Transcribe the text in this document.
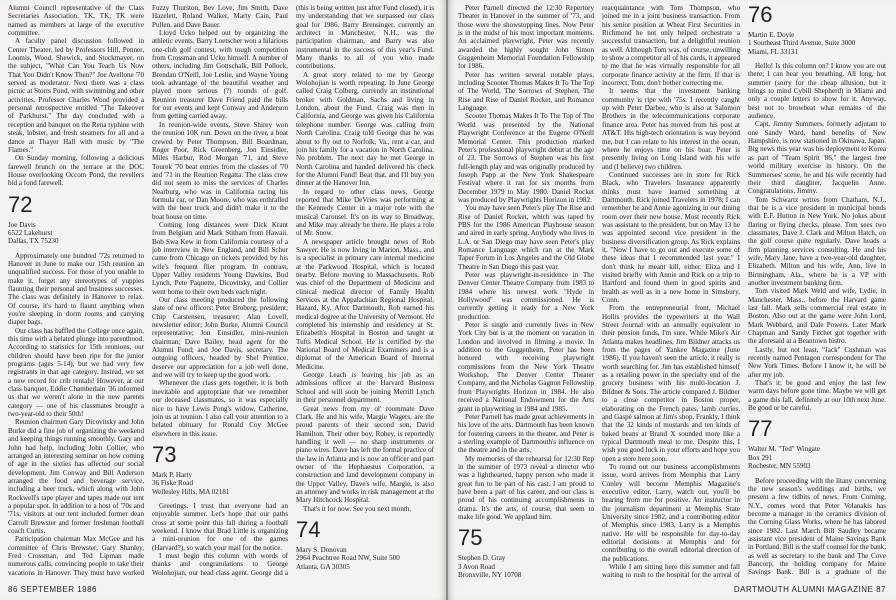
Alumni Council representative of the Class Secretaries Association. TK, TK, TK were named as members at large of the executive committee.

A faculty panel discussion followed in Center Theater, led by Professors Hill, Penner, Loomis, Wood, Shewick, and Stockmayer, on the subject, "What Can You Teach Us Now That You Didn't Know Then?" Joe Avellone '70 served as moderator. Next there was a class picnic at Storrs Pond, with swimming and other activities. Professor Charles Wood provided a personal retrospective entitled "The Takeover of Parkhurst." The day concluded with a reception and banquet on the Rena typhine with steak, lobster, and fresh steamers for all and a dance at Thayer Hall with music by "The Flames."

On Sunday morning, following a delicious farewell brunch on the terrace at the DOC House overlooking Occom Pond, the revellers bid a fond farewell.

72
Joe Davis
6522 Lakehurst
Dallas, TX 75230

Approximately one hundred '72s returned to Hanover in June to make our 15th reunion an unqualified success. For those of you unable to make it, forget any stereotypes of yuppies flaunting their personal and business successes. The class was definitely in Hanover to relax. Of course, it's hard to flaunt anything when you're sleeping in dorm rooms and carrying diaper bags.

Our class has baffled the College once again, this time with a belated plunge into parenthood. According to statistics for 15th reunions, our children should have been ripe for the junior programs (ages 5-14), but we had very few registrants in that age category. Instead, we set a new record for crib rentals! However, at our class banquet, Eddie Chamberlain '36 informed us that we weren't alone in the new parents category — one of his classmates brought a two-year-old to their 50th!

Reunion chairmen Gary Dicovitsky and John Burke did a fine job of organizing the weekend and keeping things running smoothly. Gary and John had help, including John Collier, who arranged an interesting seminar on how coming of age in the sixties has affected our social development. Jim Conway and Bill Anderson arranged the food and beverage service, including a beer truck, which along with John Rockwell's tape player and tapes made our tent a popular spot. In addition to a host of '70s and '71s, visitors at our tent included former dean Carroll Brewster and former freshman football coach Curtis.

Participation chairman Max McGee and his committee of Chris Brewster, Gary Shanley, Fred Crossman, and Ted Lipman made numerous calls, convincing people to take their vacations in Hanover. They must have worked

Fuzzy Thurston, Bev Love, Jim Smith, Dave Hazelett, Roland Walker, Marty Cain, Paul Pullen, and Dave Bauer.

Lloyd Ucko helped out by organizing the athletic events. Barry Loetscher won a hilarious one-club golf contest, with tough competition from Crossman and Ucko himself. A number of others, including Jim Gottschalk, Bill Pollock, Brendan O'Neill, Joe Leslie, and Wayne Young took advantage of the beautiful weather and played more serious (?) rounds of golf. Reunion treasurer Dave Friend paid the bills for our events and kept Conway and Anderson from getting carried away.

In reunion-wide events, Steve Shirey won the reunion 10K run. Down on the river, a boat crewed by Peter Thompson, Bill Boardman, Roger Poor, Rick Greenberg, Jon Einsidler, Miles Harbur, Rod Morgan '71, and Steve Tourek '70 beat entries from the classes of '70 and '71 in the Reunion Regatta. The class crew did not seem to miss the services of Charles Nearburg, who was in California racing his formula car, or Dan Moore, who was enthralled with the beer truck and didn't make it to the boat house on time.

Coming long distances were Dick Krant from Belgium and Mark Stitham from Hawaii. Bob Swa Kew in from California courtesy of a job interview in New England, and Bill Schur came from Chicago on tickets provided by his wife's frequent flier program. In contrast, Upper Valley residents Young Dawkins, Bud Lynch, Pete Paquette, Dicovitsky, and Collier went home to their own beds each night.

Our class meeting produced the following slate of new officers: Peter Broberg, president; Chip Carstensen, treasurer; Alan Lovell, newsletter editor; John Burke, Alumni Council representative; Jon Einsidler, mini-reunion chairman; Dave Bailey, head agent for the Alumni Fund; and Joe Davis, secretary. The outgoing officers, headed by Shel Prentice, deserve our appreciation for a job well done, and we will try to keep up the good work.

Whenever the class gets together, it is both inevitable and appropriate that we remember our deceased classmates, so it was especially nice to have Lewis Pong's widow, Catherine, join us at reunion. I also call your attention to a belated obituary for Ronald Coy McGee elsewhere in this issue.

73
Mark P. Harty
36 Fiske Road
Wellesley Hills, MA 02181

Greetings. I trust that everyone had an enjoyable summer. Let's hope that our paths cross at some point this fall during a football weekend. I know that Brad Little is organizing a mini-reunion for one of the games (Harvard?), so watch your mail for the notice.

I must begin this column with words of thanks and congratulations to George Wolohojian, our head class agent. George did a

(this is being written just after Fund closed), it is my understanding that we surpassed our class goal for 1986. Barry Brensinger, currently an architect in Manchester, N.H., was the participation chairman, and Barry was also instrumental in the success of this year's Fund. Many thanks to all of you who made contributions.

A great story related to me by George Wolohojian is worth repeating. In June George called Craig Colberg, currently an institutional broker with Goldman, Sachs and living in London, about the Fund. Craig was then in California, and George was given his California telephone number. George was calling from North Carolina. Craig told George that he was about to fly out to Norfolk, Va., rent a car, and join his family for a vacation in North Carolina. No problem. The next day he met George in North Carolina and handed delivered his check for the Alumni Fund! Beat that, and I'll buy you dinner at the Hanover Inn.

In regard to other class news, George reported that Mike DeVries was performing at the Kennedy Center in a major role with the musical Carousel. It's on its way to Broadway, and Mike may already be there. He plays a role of Mr. Snow.

A newspaper article brought news of Rob Sawyer. He is now living in Marion, Mass., and is a specialist in primary care internal medicine at the Parkwood Hospital, which is located nearby. Before moving to Massachusetts, Rob was chief of the Department of Medicine and clinical medical director of Family Health Services at the Appalachian Regional Hospital, Hazard, Ky. After Dartmouth, Rob earned his medical degree at the University of Vermont. He completed his internship and residency at St. Elizabeth's Hospital in Boston and taught at Tufts Medical School. He is certified by the National Board of Medical Examiners and is a diplomat of the American Board of Internal Medicine.

George Leach is leaving his job as an admissions officer at the Harvard Business School and will soon be joining Merrill Lynch in their personnel department.

Great news from my ol' roommate Dave Clark. He and his wife, Margie Wagers, are the proud parents of their second son, David Hamilton. Their other boy, Robey, is reportedly handling it well — no sharp instruments or piano wires. Dave has left the formal practice of the law in Atlanta and is now an officer and part owner of the Hephaestus Corporation, a construction and land development company in the Upper Valley. Dave's wife, Margie, is also an attorney and works in risk management at the Mary Hitchcock Hospital.

That's it for now. See you next month.

74
Mary S. Donovan
2964 Peachtree Road NW, Suite 500
Atlanta, GA 30305

86 SEPTEMBER 1986

Peter Parnell directed the 12:30 Repertory Theater in Hanover in the summer of '73, and those were the showstopping lines. Now Peter is in the midst of his most important moments. An acclaimed playwright, Peter was recently awarded the highly sought John Simon Guggenheim Memorial Foundation Fellowship for 1986.

Peter has written several notable plays, including Scooter Thomas Makes It To The Top of The World, The Sorrows of Stephen, The Rise and Rise of Daniel Rocket, and Romance Language.

Scooter Thomas Makes It To The Top of The World was presented by the National Playwright Conference at the Eugene O'Neill Memorial Center. This production marked Peter's professional playwright debut at the age of 23. The Sorrows of Stephen was his first full-length play and was originally produced by Joseph Papp at the New York Shakespeare Festival where it ran for six months from December 1979 to May 1980. Daniel Rocket was produced by Playwrights Horizon in 1982.

You may have seen Peter's play The Rise and Rise of Daniel Rocket, which was taped by PBS for the 1986 American Playhouse season and aired in early spring. Anybody who lives in L.A. or San Diego may have seen Peter's play Romance Language which ran at the Mark Taper Forum in Los Angeles and the Old Globe Theatre in San Diego this past year.

Peter was playwright-in-residence in The Denver Center Theatre Company from 1983 to 1984 where his newest work "Hyde in Hollywood" was commissioned. He is currently getting it ready for a New York production.

Peter is single and currently lives in New York City but is at the moment on vacation in London and involved in filming a movie. In addition to the Guggenheim, Peter has been honored with receiving playwright commissions from the New York Theatre Workshop, The Denver Center Theater Company, and the Nicholas Gagnon Fellowship from Playwrights Horizon in 1984. He also received a National Endowment for the Arts grant in playwriting in 1984 and 1985.

Peter Parnell has made great achievements in his love of the arts. Dartmouth has been known for fostering careers in the theater, and Peter is a sterling example of Dartmouth's influence on the theatre and in the arts.

My memories of the rehearsal for 12:30 Rep in the summer of 1973 reveal a director who was a lighthearted, happy person who made it great fun to be part of his cast. I am proud to have been a part of his career, and our class is proud of his continuing accomplishments in drama. It's the arts, of course, that seem to make life good. We applaud him.

75
Stephen D. Gray
3 Avon Road
Bronxville, NY 10708

reacquaintance with Tom Thompson, who joined me in a joint business transaction. From his senior position at Wheat First Securities in Richmond he not only helped orchestrate a successful transaction, but a delightful reunion as well. Although Tom was, of course, unwilling to show a competitor all of his cards, it appeared to me that he was virtually responsible for all corporate finance activity at the firm. If that is incorrect, Tom, don't bother correcting me.

It seems that the investment banking community is ripe with '75s. I recently caught up with Peter Darbee, who is also at Salomon Brothers in the telecommunications corporate finance area. Peter has moved from his post at AT&T. His high-tech orientation is way beyond me, but I can relate to his interest in the ocean, where he enjoys time on his boat. Peter is presently living on Long Island with his wife and (I believe) two children.

Continued successes are in store for Rick Black, who Travelers Insurance apparently thinks must have learned something at Dartmouth. Rick joined Travelers in 1978; I can remember he and Annie agonizing in our dining room over their new house. Most recently Rick was assistant to the president, but on May 13 he was appointed second vice president in the business diversification group. As Rick explains it, "Now I have to go out and execute some of these ideas that I recommended last year." I don't think he meant kill, either. Eliza and I visited briefly with Annie and Rick on a trip to Hartford and found them in good spirits and health as well as in a new home in Simsbury, Conn.

From the entrepreneurial front, Michael Hollis provides the typewriters at the Wall Street Journal with an annually equivalent to their pension funds, I'm sure. While Mike's Air Atlanta makes headlines, Jim Bildner attacks us from the pages of Yankee Magazine (June 1986). If you haven't seen the article, it really is worth searching for. Jim has established himself as a retailing power in the specialty end of the grocery business with his multi-location J. Bildner & Sons. The article compared J. Bildner to a close competitor in Boston proper, elaborating on the French pates, lamb curries, and Gaspé salmon at Jim's shop. Frankly, I think that the 32 kinds of mustards and ten kinds of baked beans at Brand X sounded more like a typical Dartmouth meal to me. Despite this, I wish you good luck in your efforts and hope you open a store here soon.

To round out our business accomplishments issue, word arrives from Memphis that Larry Conley will become Memphis Magazine's executive editor. Larry, watch out, you'll be hearing from me for positive. An instructor in the journalism department at Memphis State University since 1982, and a contributing editor of Memphis since 1983, Larry is a Memphis native. He will be responsible for day-to-day editorial decisions at Memphis and for contributing to the overall editorial direction of the publications.

While I am sitting here this summer and fall waiting to rush to the hospital for the arrival of

76
Martin E. Doyle
1 Southeast Third Avenue, Suite 3000
Miami, FL 33131

Hello! Is this column on? I know you are out there; I can hear you breathing. All long, hot summer (sorry for the cheap allusion, but it brings to mind Cybill Shepherd) in Miami and only a couple letters to show for it. Anyway, best not to browbeat what remains of the audience.

Capt. Jimmy Summers, formerly adjutant to one Sandy Ward, hand benefits of New Hampshire, is now stationed in Okinawa, Japan. Big news this year was his deployment to Korea as part of "Team Spirit '86," the largest free world military exercise in history. On the Summerses' scene, he and his wife recently had their third daughter, Jacquelin Anne. Congratulations, Jimmy.

Tom Schwartz writes from Chatham, N.J., that he is a vice president in municipal bonds with E.F. Hutton in New York. No jokes about flaring or flying checks, please. Tom sees two classmates, Dave J. Clark and Milton Hatch, on the golf course quite regularly. Dave heads a firm planning services consulting. He and his wife, Mary Jane, have a two-year-old daughter, Elizabeth. Milton and his wife, Ann, live in Birmingham, Ala., where he is a VP with another investment banking firm.

Tom visited Mark Weld and wife, Lydie, in Manchester, Mass., before the Harvard game last fall. Mark sells commercial real estate in Boston. Also out at the game were John Lord, Mark Webbard, and Dale Powers. Later Mark Chapman and Sandy Fitchet got together with the aforesaid at a Beantown bistro.

Lastly, but not least, "Jack" Cushman was recently named Pentagon correspondent for The New York Times. Before I know it, he will be after my job.

That's it; be good and enjoy the last few warm days before gone time. Maybe we will get a game this fall, definitely at our 10th next June. Be good or be careful.

77
Walter M. "Ted" Wingate
Box 291
Rochester, MN 55903

Before proceeding with the litany concerning the new season's weddings and births, we present a few tidbits of news. From Corning, N.Y., comes word that Peter Volanakis has become a manager in the ceramics division of the Corning Glass Works, where he has labored since 1982. Last March Bill Saudley became assistant vice president of Maine Savings Bank in Portland. Bill is the staff counsel for the bank, as well as secretary to the bank and The Cove Bancorp, the holding company for Maine Savings Bank. Bill is a graduate of the

DARTMOUTH ALUMNI MAGAZINE 87
